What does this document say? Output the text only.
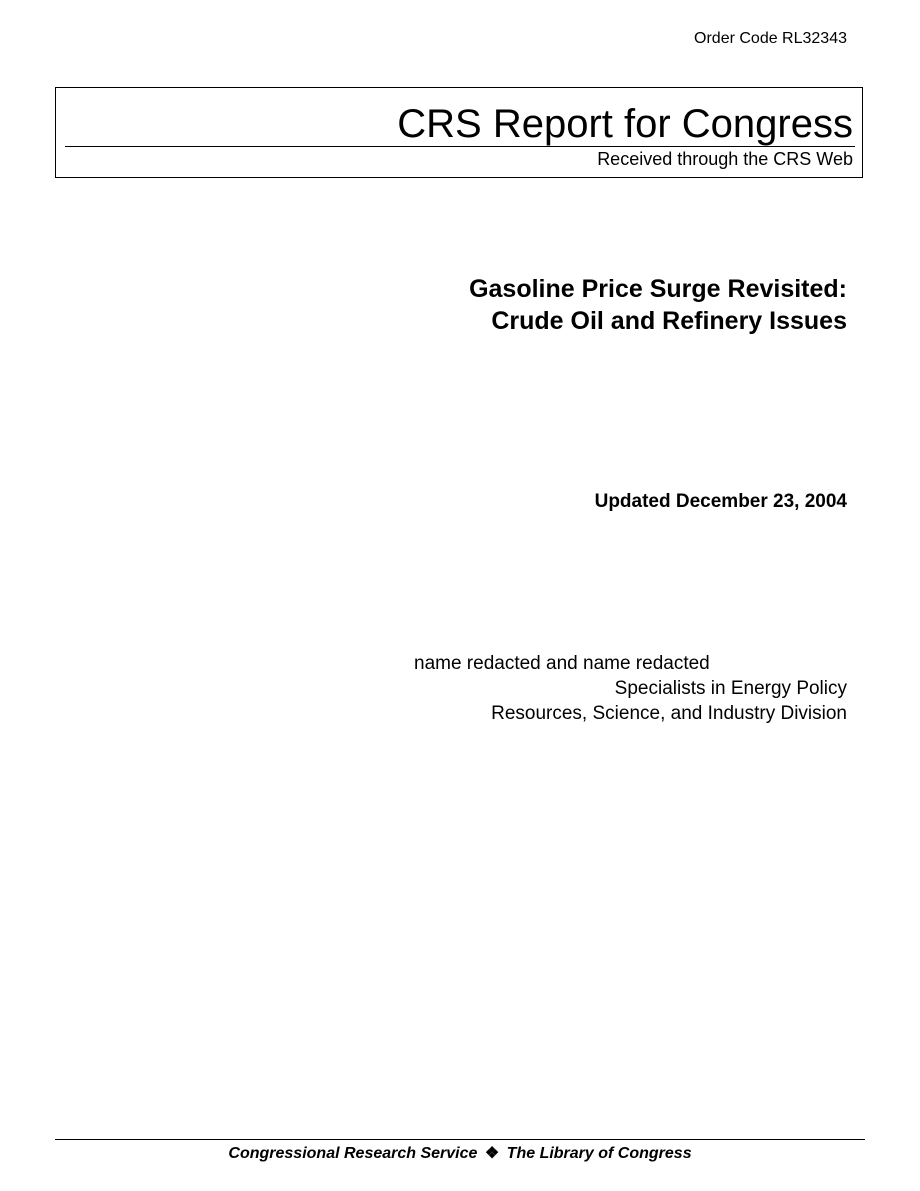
Order Code RL32343
CRS Report for Congress
Received through the CRS Web
Gasoline Price Surge Revisited:
Crude Oil and Refinery Issues
Updated December 23, 2004
name redacted and name redacted
Specialists in Energy Policy
Resources, Science, and Industry Division
Congressional Research Service ❖ The Library of Congress
